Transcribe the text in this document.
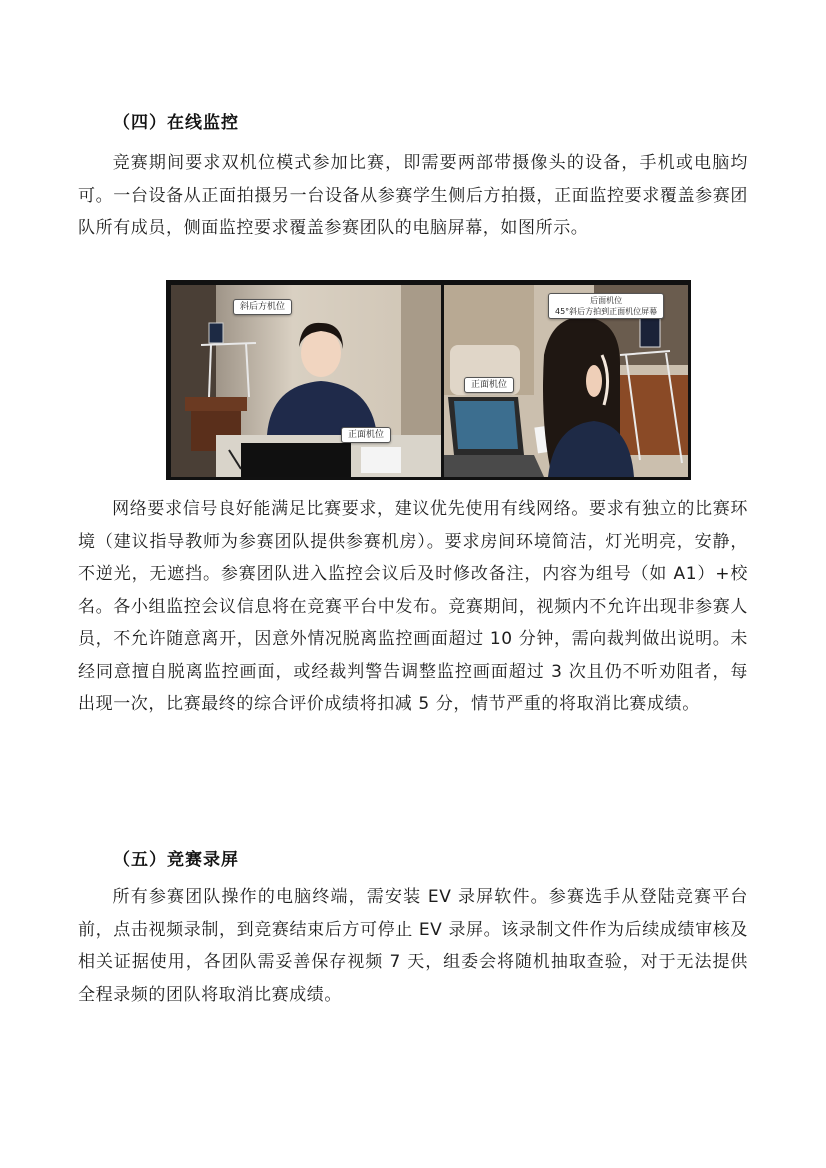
（四）在线监控
竞赛期间要求双机位模式参加比赛，即需要两部带摄像头的设备，手机或电脑均可。一台设备从正面拍摄另一台设备从参赛学生侧后方拍摄，正面监控要求覆盖参赛团队所有成员，侧面监控要求覆盖参赛团队的电脑屏幕，如图所示。
斜后方机位
正面机位
后面机位
45°斜后方拍到正面机位屏幕
正面机位
网络要求信号良好能满足比赛要求，建议优先使用有线网络。要求有独立的比赛环境（建议指导教师为参赛团队提供参赛机房）。要求房间环境简洁，灯光明亮，安静，不逆光，无遮挡。参赛团队进入监控会议后及时修改备注，内容为组号（如 A1）+校名。各小组监控会议信息将在竞赛平台中发布。竞赛期间，视频内不允许出现非参赛人员，不允许随意离开，因意外情况脱离监控画面超过 10 分钟，需向裁判做出说明。未经同意擅自脱离监控画面，或经裁判警告调整监控画面超过 3 次且仍不听劝阻者，每出现一次，比赛最终的综合评价成绩将扣减 5 分，情节严重的将取消比赛成绩。
（五）竞赛录屏
所有参赛团队操作的电脑终端，需安装 EV 录屏软件。参赛选手从登陆竞赛平台前，点击视频录制，到竞赛结束后方可停止 EV 录屏。该录制文件作为后续成绩审核及相关证据使用，各团队需妥善保存视频 7 天，组委会将随机抽取查验，对于无法提供全程录频的团队将取消比赛成绩。
